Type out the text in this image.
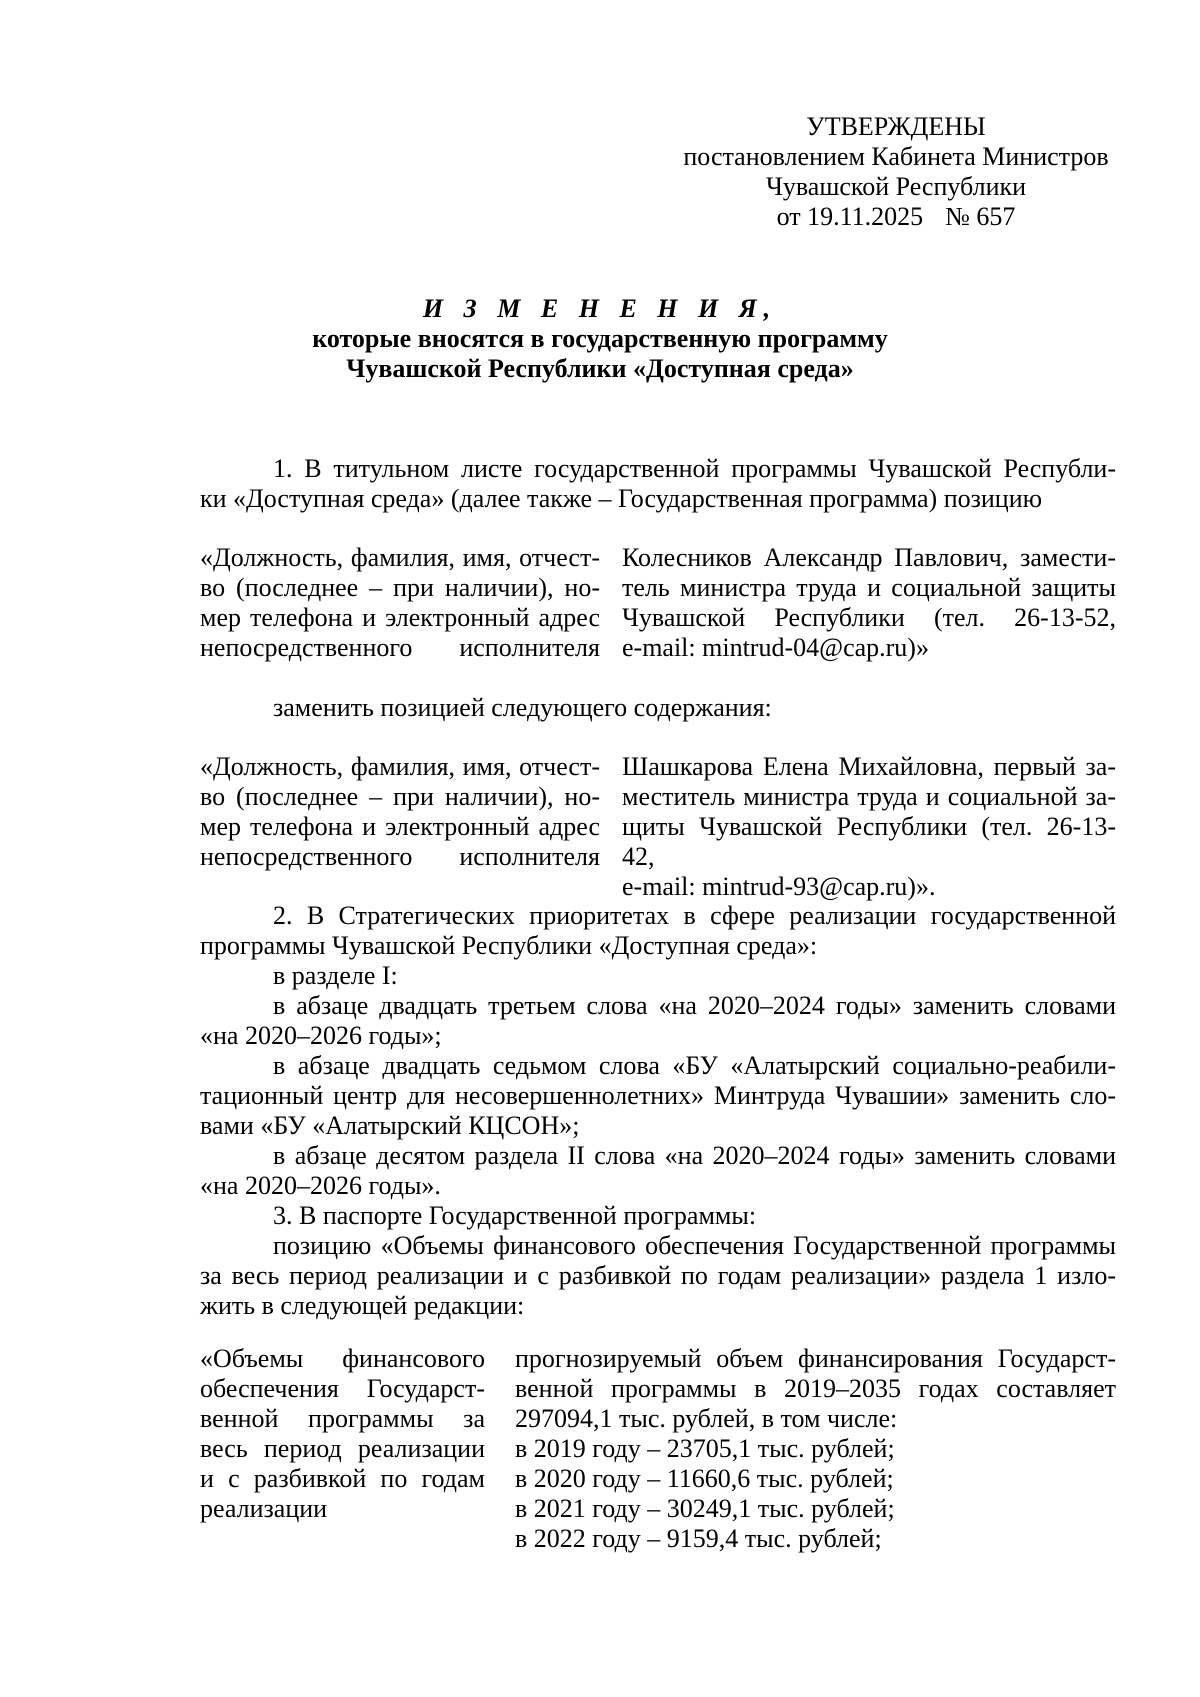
УТВЕРЖДЕНЫ
постановлением Кабинета Министров
Чувашской Республики
от 19.11.2025 № 657
И З М Е Н Е Н И Я,
которые вносятся в государственную программу
Чувашской Республики «Доступная среда»
1. В титульном листе государственной программы Чувашской Республи-
ки «Доступная среда» (далее также – Государственная программа) позицию
«Должность, фамилия, имя, отчест-
во (последнее – при наличии), но-
мер телефона и электронный адрес
непосредственного исполнителя
Колесников Александр Павлович, замести-
тель министра труда и социальной защиты
Чувашской Республики (тел. 26-13-52,
e-mail: mintrud-04@cap.ru)»
заменить позицией следующего содержания:
«Должность, фамилия, имя, отчест-
во (последнее – при наличии), но-
мер телефона и электронный адрес
непосредственного исполнителя
Шашкарова Елена Михайловна, первый за-
меститель министра труда и социальной за-
щиты Чувашской Республики (тел. 26-13-42,
e-mail: mintrud-93@cap.ru)».
2. В Стратегических приоритетах в сфере реализации государственной
программы Чувашской Республики «Доступная среда»:
в разделе I:
в абзаце двадцать третьем слова «на 2020–2024 годы» заменить словами
«на 2020–2026 годы»;
в абзаце двадцать седьмом слова «БУ «Алатырский социально-реабили-
тационный центр для несовершеннолетних» Минтруда Чувашии» заменить сло-
вами «БУ «Алатырский КЦСОН»;
в абзаце десятом раздела II слова «на 2020–2024 годы» заменить словами
«на 2020–2026 годы».
3. В паспорте Государственной программы:
позицию «Объемы финансового обеспечения Государственной программы
за весь период реализации и с разбивкой по годам реализации» раздела 1 изло-
жить в следующей редакции:
«Объемы финансового
обеспечения Государст-
венной программы за
весь период реализации
и с разбивкой по годам
реализации
прогнозируемый объем финансирования Государст-
венной программы в 2019–2035 годах составляет
297094,1 тыс. рублей, в том числе:
в 2019 году – 23705,1 тыс. рублей;
в 2020 году – 11660,6 тыс. рублей;
в 2021 году – 30249,1 тыс. рублей;
в 2022 году – 9159,4 тыс. рублей;
